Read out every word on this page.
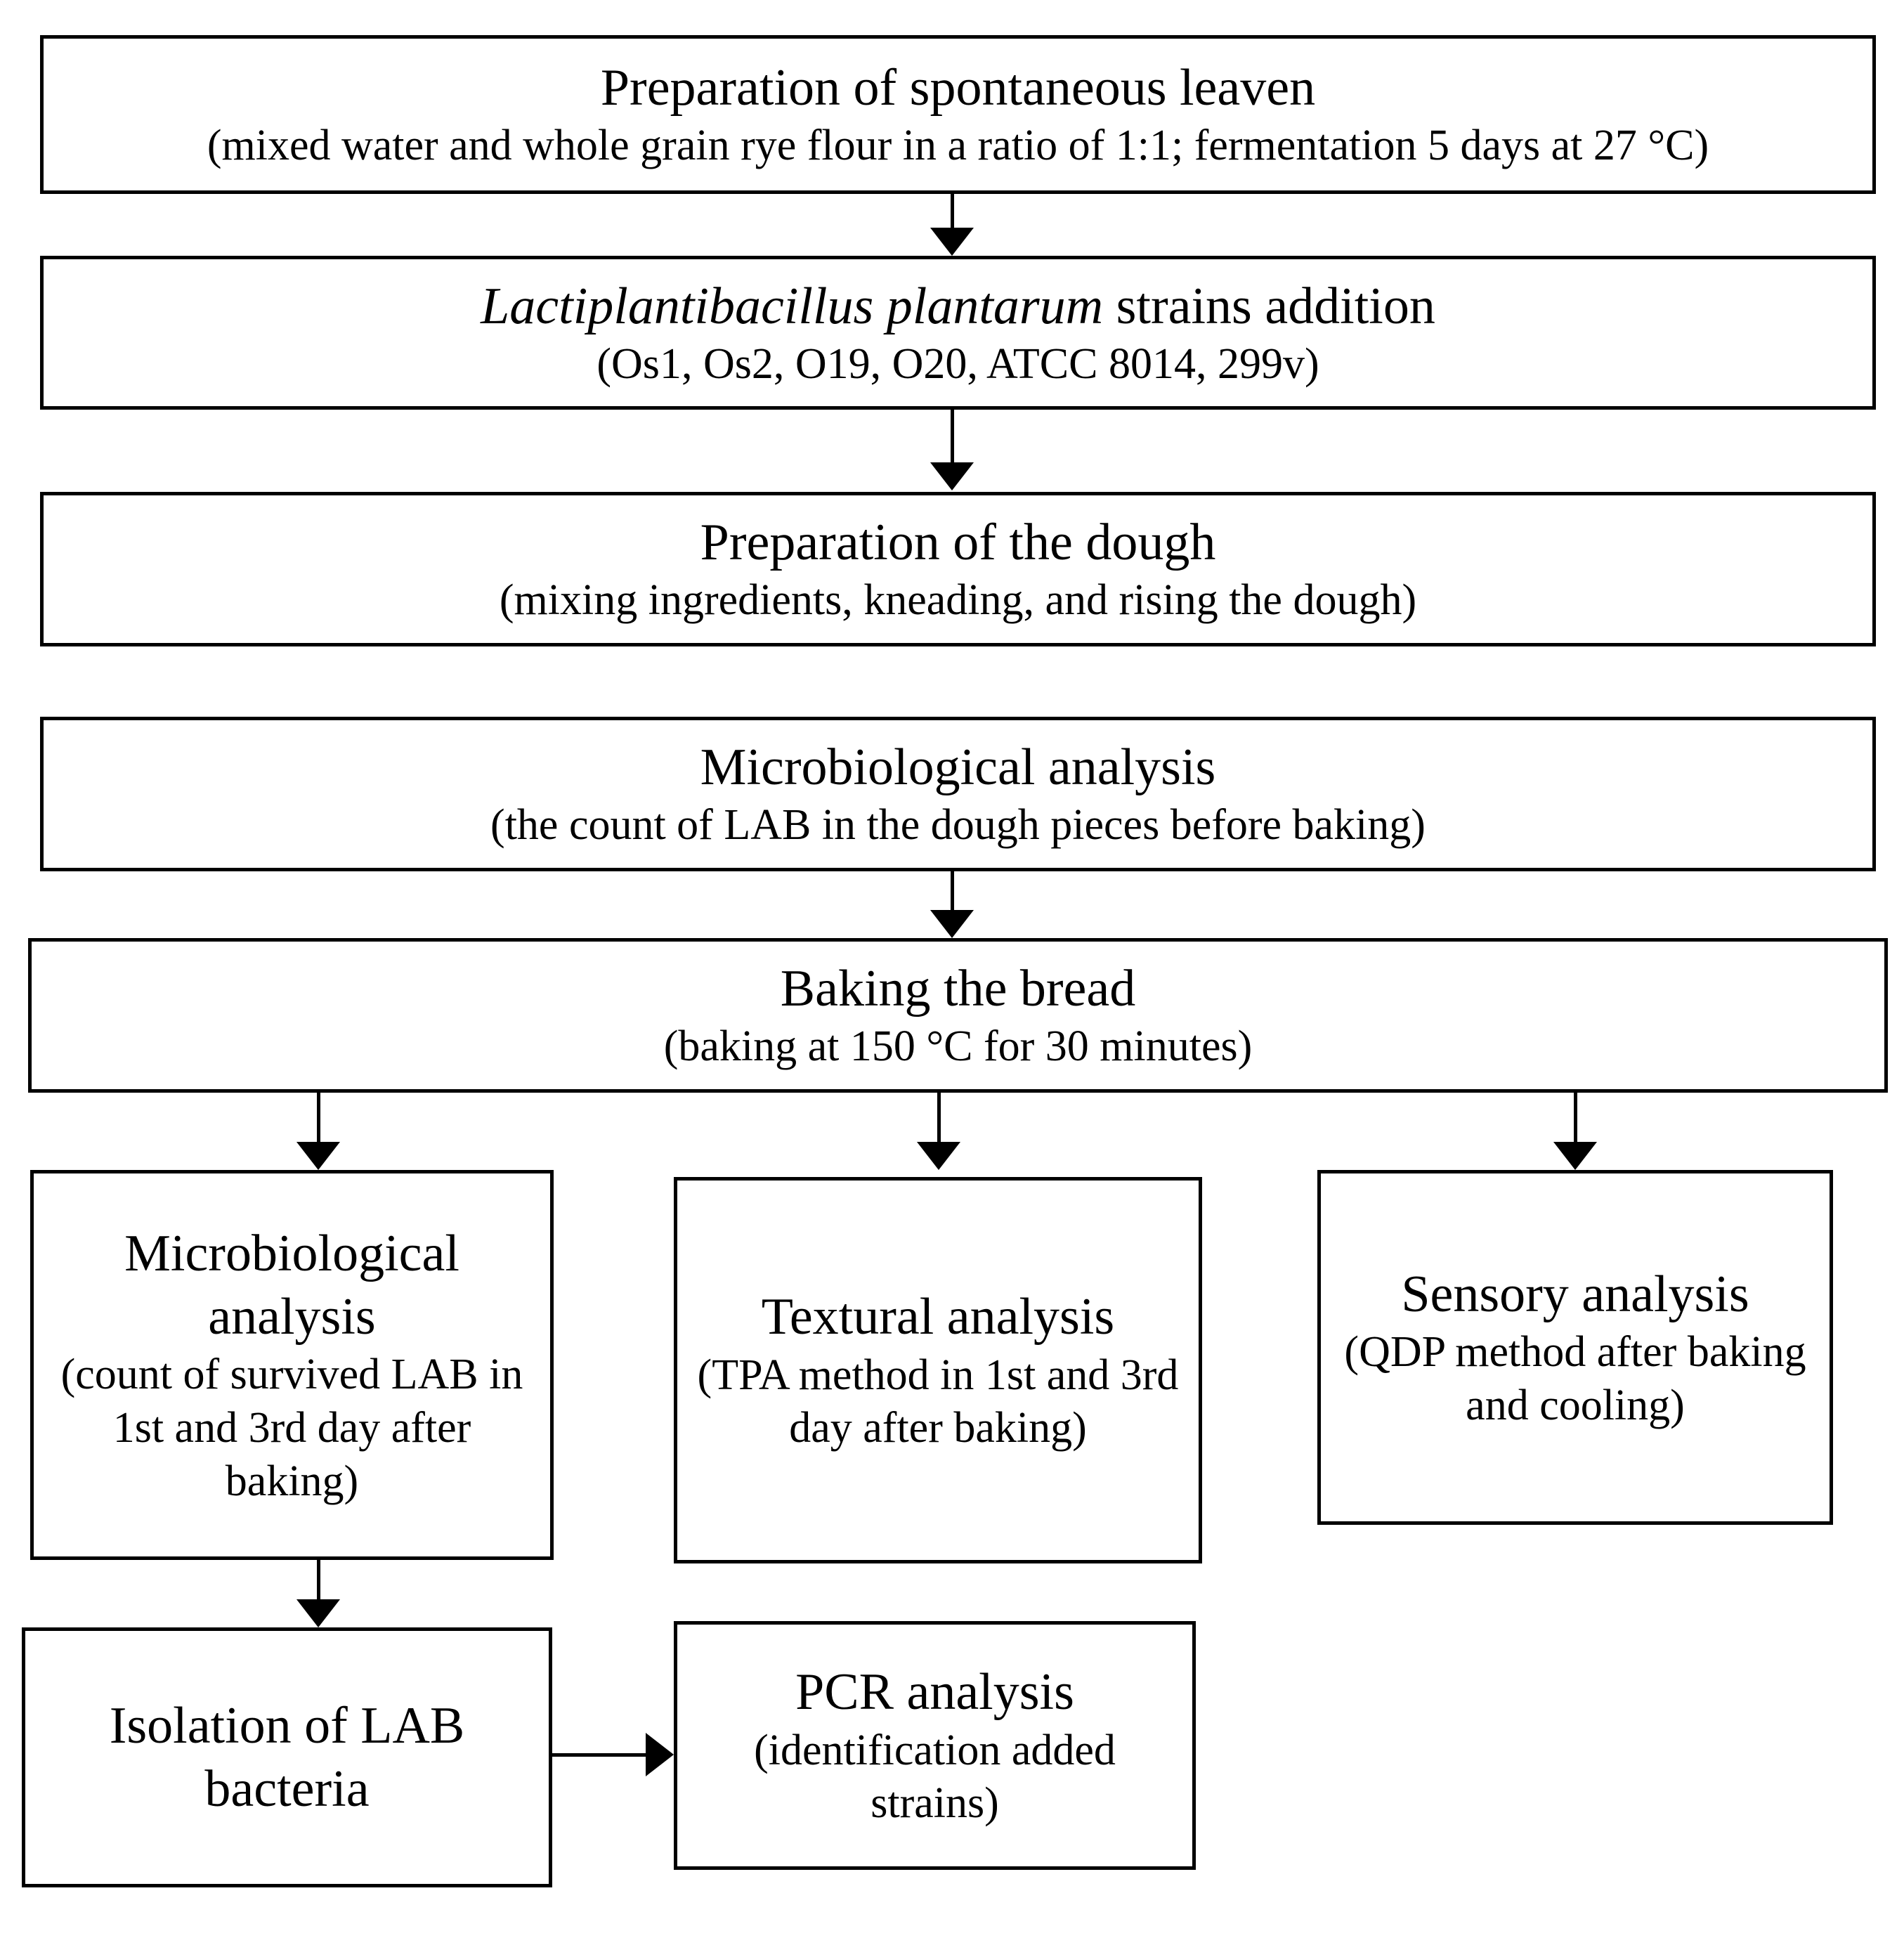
Preparation of spontaneous leaven
(mixed water and whole grain rye flour in a ratio of 1:1; fermentation 5 days at 27 °C)
Lactiplantibacillus plantarum strains addition
(Os1, Os2, O19, O20, ATCC 8014, 299v)
Preparation of the dough
(mixing ingredients, kneading, and rising the dough)
Microbiological analysis
(the count of LAB in the dough pieces before baking)
Baking the bread
(baking at 150 °C for 30 minutes)
Microbiological analysis
(count of survived LAB in 1st and 3rd day after baking)
Textural analysis
(TPA method in 1st and 3rd day after baking)
Sensory analysis
(QDP method after baking and cooling)
Isolation of LAB bacteria
PCR analysis
(identification added strains)
